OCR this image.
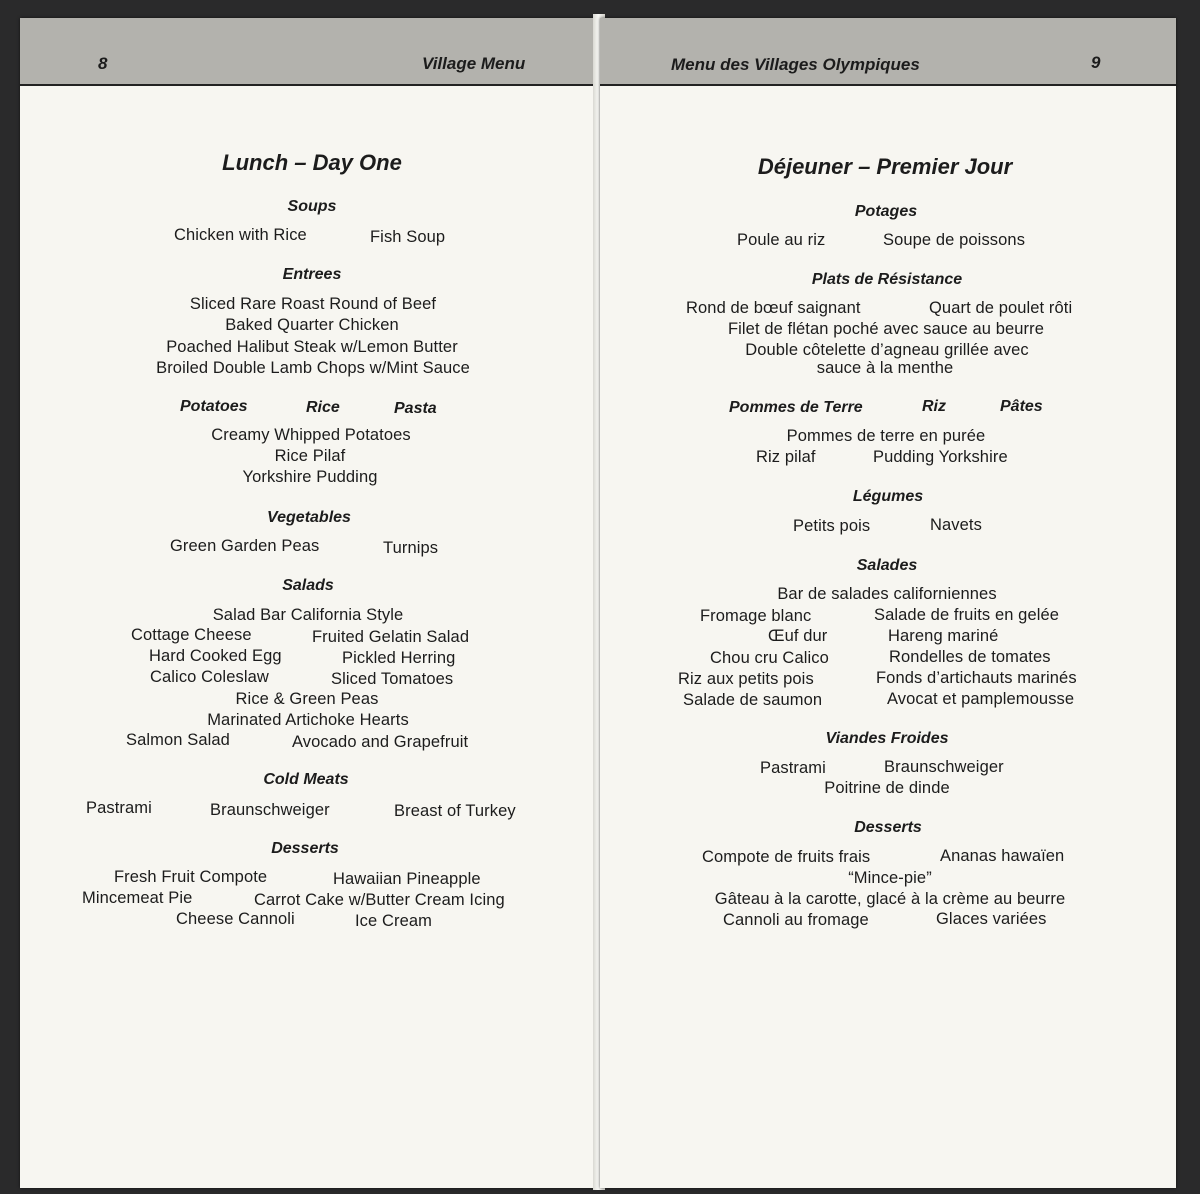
8	Village Menu
Lunch – Day One
Soups
Chicken with Rice	Fish Soup
Entrees
Sliced Rare Roast Round of Beef
Baked Quarter Chicken
Poached Halibut Steak w/Lemon Butter
Broiled Double Lamb Chops w/Mint Sauce
Potatoes	Rice	Pasta
Creamy Whipped Potatoes
Rice Pilaf
Yorkshire Pudding
Vegetables
Green Garden Peas	Turnips
Salads
Salad Bar California Style
Cottage Cheese	Fruited Gelatin Salad
Hard Cooked Egg	Pickled Herring
Calico Coleslaw	Sliced Tomatoes
Rice & Green Peas
Marinated Artichoke Hearts
Salmon Salad	Avocado and Grapefruit
Cold Meats
Pastrami	Braunschweiger	Breast of Turkey
Desserts
Fresh Fruit Compote	Hawaiian Pineapple
Mincemeat Pie	Carrot Cake w/Butter Cream Icing
Cheese Cannoli	Ice Cream
Menu des Villages Olympiques	9
Déjeuner – Premier Jour
Potages
Poule au riz	Soupe de poissons
Plats de Résistance
Rond de bœuf saignant	Quart de poulet rôti
Filet de flétan poché avec sauce au beurre
Double côtelette d’agneau grillée avec
sauce à la menthe
Pommes de Terre	Riz	Pâtes
Pommes de terre en purée
Riz pilaf	Pudding Yorkshire
Légumes
Petits pois	Navets
Salades
Bar de salades californiennes
Fromage blanc	Salade de fruits en gelée
Œuf dur	Hareng mariné
Chou cru Calico	Rondelles de tomates
Riz aux petits pois	Fonds d’artichauts marinés
Salade de saumon	Avocat et pamplemousse
Viandes Froides
Pastrami	Braunschweiger
Poitrine de dinde
Desserts
Compote de fruits frais	Ananas hawaïen
“Mince-pie”
Gâteau à la carotte, glacé à la crème au beurre
Cannoli au fromage	Glaces variées
